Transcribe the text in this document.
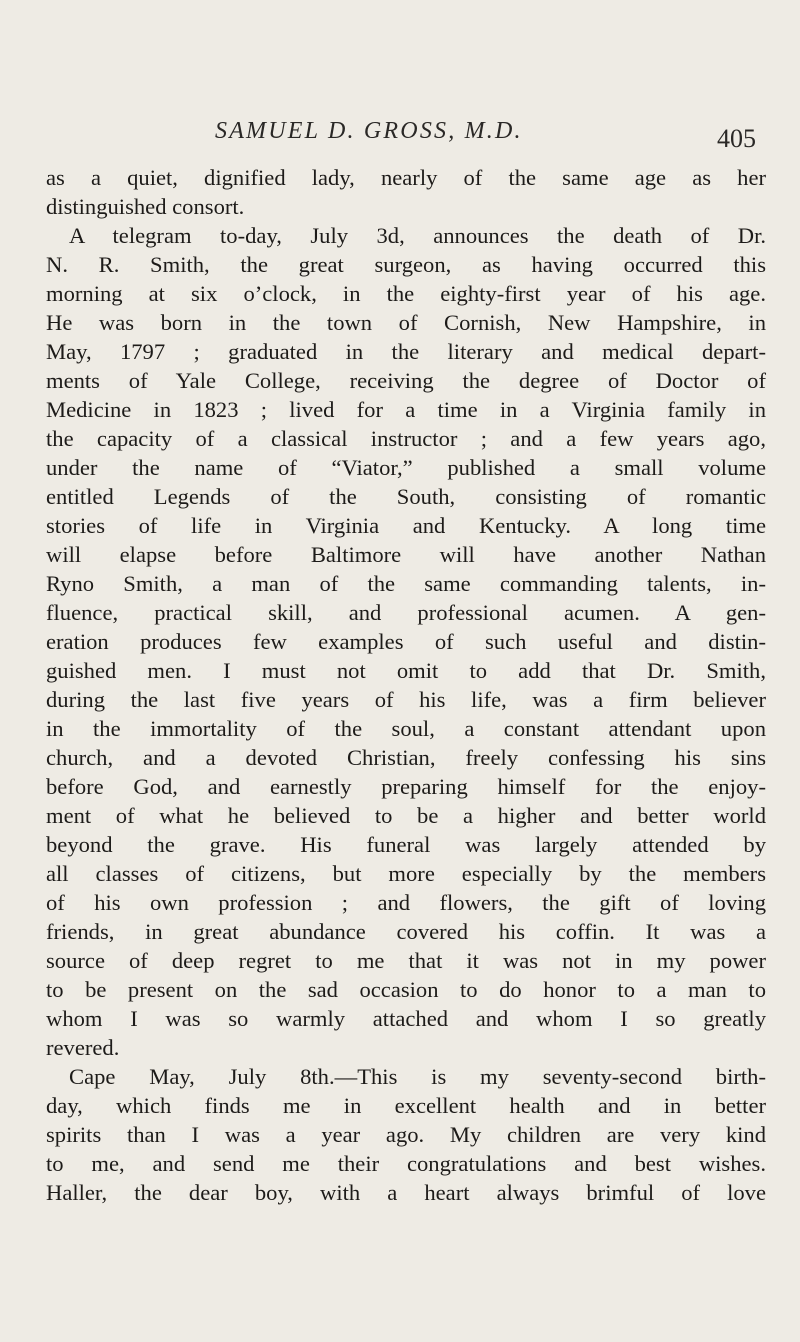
SAMUEL D. GROSS, M.D.	405
as a quiet, dignified lady, nearly of the same age as her
distinguished consort.
A telegram to-day, July 3d, announces the death of Dr.
N. R. Smith, the great surgeon, as having occurred this
morning at six o’clock, in the eighty-first year of his age.
He was born in the town of Cornish, New Hampshire, in
May, 1797 ; graduated in the literary and medical depart-
ments of Yale College, receiving the degree of Doctor of
Medicine in 1823 ; lived for a time in a Virginia family in
the capacity of a classical instructor ; and a few years ago,
under the name of “Viator,” published a small volume
entitled Legends of the South, consisting of romantic
stories of life in Virginia and Kentucky. A long time
will elapse before Baltimore will have another Nathan
Ryno Smith, a man of the same commanding talents, in-
fluence, practical skill, and professional acumen. A gen-
eration produces few examples of such useful and distin-
guished men. I must not omit to add that Dr. Smith,
during the last five years of his life, was a firm believer
in the immortality of the soul, a constant attendant upon
church, and a devoted Christian, freely confessing his sins
before God, and earnestly preparing himself for the enjoy-
ment of what he believed to be a higher and better world
beyond the grave. His funeral was largely attended by
all classes of citizens, but more especially by the members
of his own profession ; and flowers, the gift of loving
friends, in great abundance covered his coffin. It was a
source of deep regret to me that it was not in my power
to be present on the sad occasion to do honor to a man to
whom I was so warmly attached and whom I so greatly
revered.
Cape May, July 8th.—This is my seventy-second birth-
day, which finds me in excellent health and in better
spirits than I was a year ago. My children are very kind
to me, and send me their congratulations and best wishes.
Haller, the dear boy, with a heart always brimful of love
